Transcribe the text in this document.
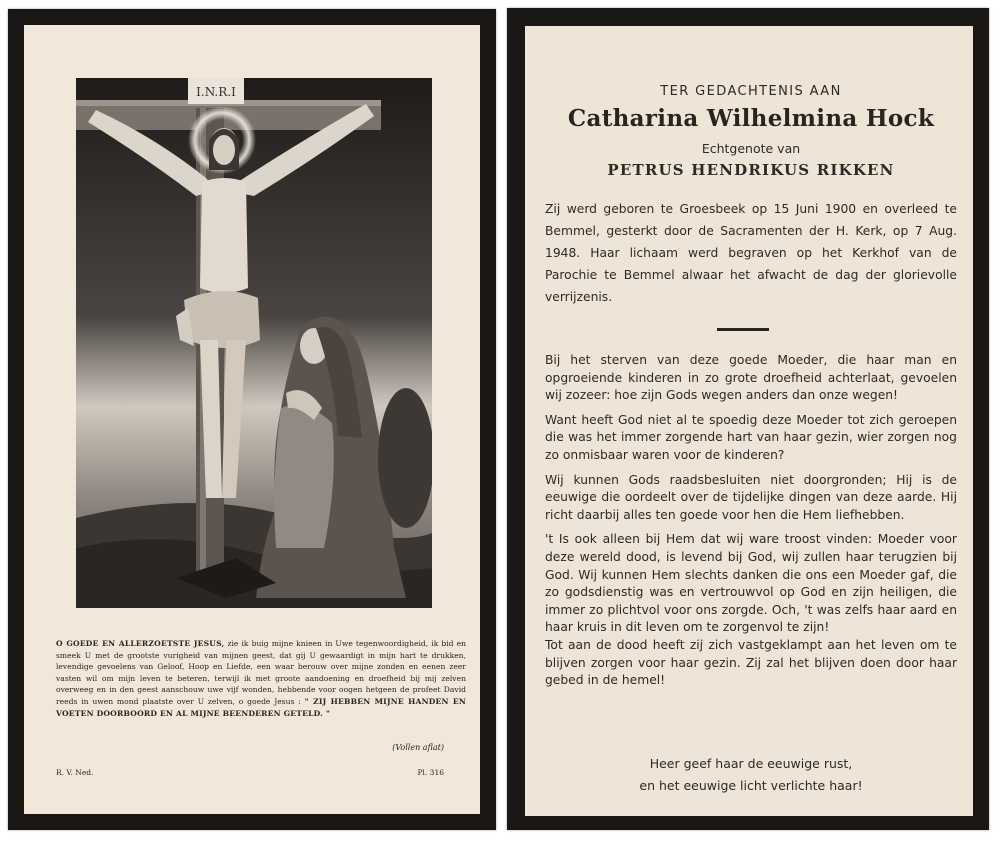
I.N.R.I
O GOEDE EN ALLERZOETSTE JESUS, zie ik buig mijne knieen in Uwe tegenwoordigheid, ik bid en smeek U met de grootste vurigheid van mijnen geest, dat gij U gewaardigt in mijn hart te drukken, levendige gevoelens van Geloof, Hoop en Liefde, een waar berouw over mijne zonden en eenen zeer vasten wil om mijn leven te beteren, terwijl ik met groote aandoening en droefheid bij mij zelven overweeg en in den geest aanschouw uwe vijf wonden, hebbende voor oogen hetgeen de profeet David reeds in uwen mond plaatste over U zelven, o goede Jesus : " ZIJ HEBBEN MIJNE HANDEN EN VOETEN DOORBOORD EN AL MIJNE BEENDEREN GETELD. "
(Vollen aflat)
R. V. Ned.	Pl. 316
TER GEDACHTENIS AAN
Catharina Wilhelmina Hock
Echtgenote van
PETRUS HENDRIKUS RIKKEN
Zij werd geboren te Groesbeek op 15 Juni 1900 en overleed te Bemmel, gesterkt door de Sacramenten der H. Kerk, op 7 Aug. 1948. Haar lichaam werd begraven op het Kerkhof van de Parochie te Bemmel alwaar het afwacht de dag der glorievolle verrijzenis.

Bij het sterven van deze goede Moeder, die haar man en opgroeiende kinderen in zo grote droefheid achterlaat, gevoelen wij zozeer: hoe zijn Gods wegen anders dan onze wegen!

Want heeft God niet al te spoedig deze Moeder tot zich geroepen die was het immer zorgende hart van haar gezin, wier zorgen nog zo onmisbaar waren voor de kinderen?

Wij kunnen Gods raadsbesluiten niet doorgronden; Hij is de eeuwige die oordeelt over de tijdelijke dingen van deze aarde. Hij richt daarbij alles ten goede voor hen die Hem liefhebben.

't Is ook alleen bij Hem dat wij ware troost vinden: Moeder voor deze wereld dood, is levend bij God, wij zullen haar terugzien bij God. Wij kunnen Hem slechts danken die ons een Moeder gaf, die zo godsdienstig was en vertrouwvol op God en zijn heiligen, die immer zo plichtvol voor ons zorgde. Och, 't was zelfs haar aard en haar kruis in dit leven om te zorgenvol te zijn!

Tot aan de dood heeft zij zich vastgeklampt aan het leven om te blijven zorgen voor haar gezin. Zij zal het blijven doen door haar gebed in de hemel!

Heer geef haar de eeuwige rust,
en het eeuwige licht verlichte haar!
